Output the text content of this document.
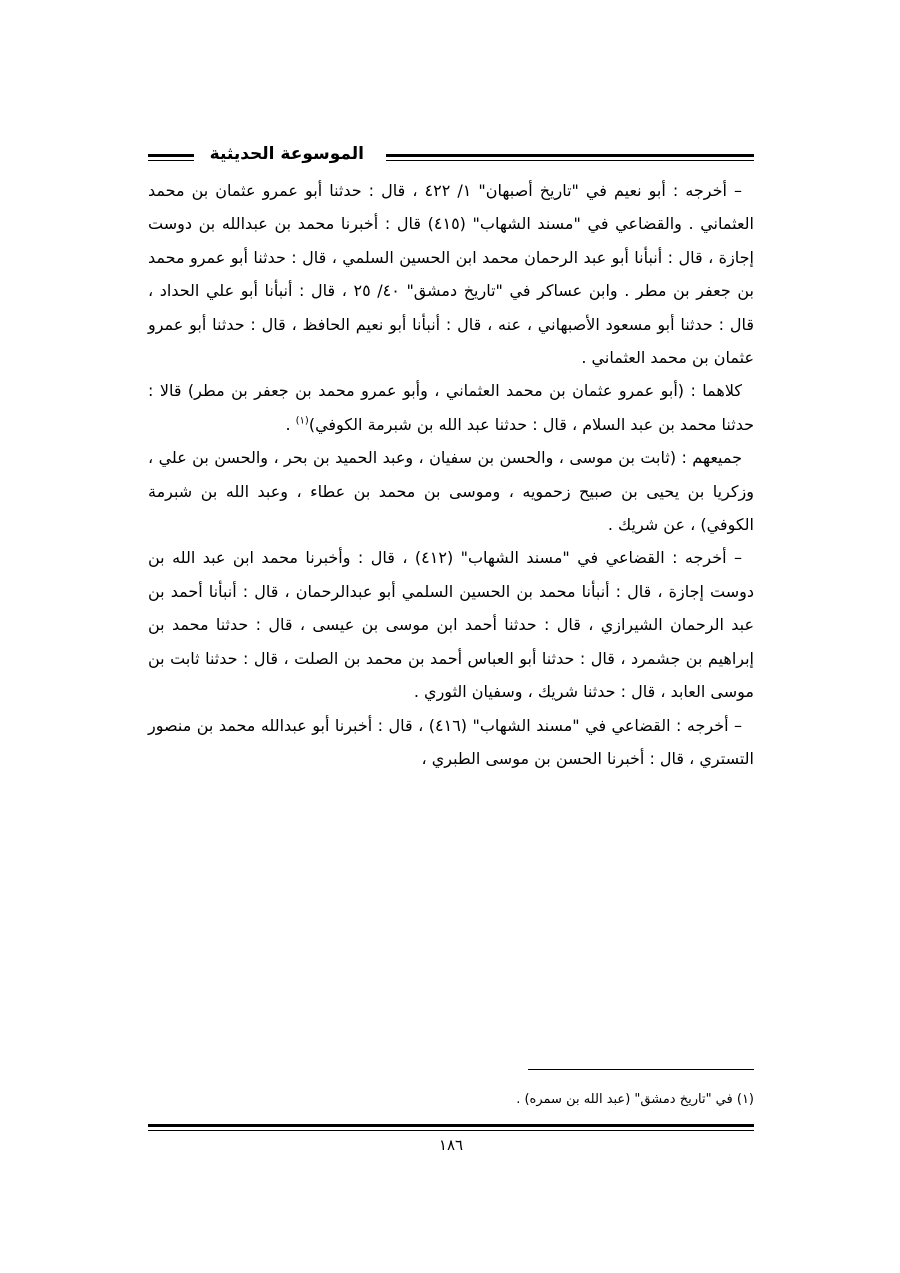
الموسوعة الحديثية

– أخرجه : أبو نعيم في "تاريخ أصبهان" ١/ ٤٢٢ ، قال : حدثنا أبو عمرو عثمان بن محمد العثماني . والقضاعي في "مسند الشهاب" (٤١٥) قال : أخبرنا محمد بن عبدالله بن دوست إجازة ، قال : أنبأنا أبو عبد الرحمان محمد ابن الحسين السلمي ، قال : حدثنا أبو عمرو محمد بن جعفر بن مطر . وابن عساكر في "تاريخ دمشق" ٤٠/ ٢٥ ، قال : أنبأنا أبو علي الحداد ، قال : حدثنا أبو مسعود الأصبهاني ، عنه ، قال : أنبأنا أبو نعيم الحافظ ، قال : حدثنا أبو عمرو عثمان بن محمد العثماني .

كلاهما : (أبو عمرو عثمان بن محمد العثماني ، وأبو عمرو محمد بن جعفر بن مطر) قالا : حدثنا محمد بن عبد السلام ، قال : حدثنا عبد الله بن شبرمة الكوفي)$^{(١)}$ .

جميعهم : (ثابت بن موسى ، والحسن بن سفيان ، وعبد الحميد بن بحر ، والحسن بن علي ، وزكريا بن يحيى بن صبيح زحمويه ، وموسى بن محمد بن عطاء ، وعبد الله بن شبرمة الكوفي) ، عن شريك .

– أخرجه : القضاعي في "مسند الشهاب" (٤١٢) ، قال : وأخبرنا محمد ابن عبد الله بن دوست إجازة ، قال : أنبأنا محمد بن الحسين السلمي أبو عبدالرحمان ، قال : أنبأنا أحمد بن عبد الرحمان الشيرازي ، قال : حدثنا أحمد ابن موسى بن عيسى ، قال : حدثنا محمد بن إبراهيم بن جشمرد ، قال : حدثنا أبو العباس أحمد بن محمد بن الصلت ، قال : حدثنا ثابت بن موسى العابد ، قال : حدثنا شريك ، وسفيان الثوري .

– أخرجه : القضاعي في "مسند الشهاب" (٤١٦) ، قال : أخبرنا أبو عبدالله محمد بن منصور التستري ، قال : أخبرنا الحسن بن موسى الطبري ،

(١) في "تاريخ دمشق" (عبد الله بن سمره) .
١٨٦
